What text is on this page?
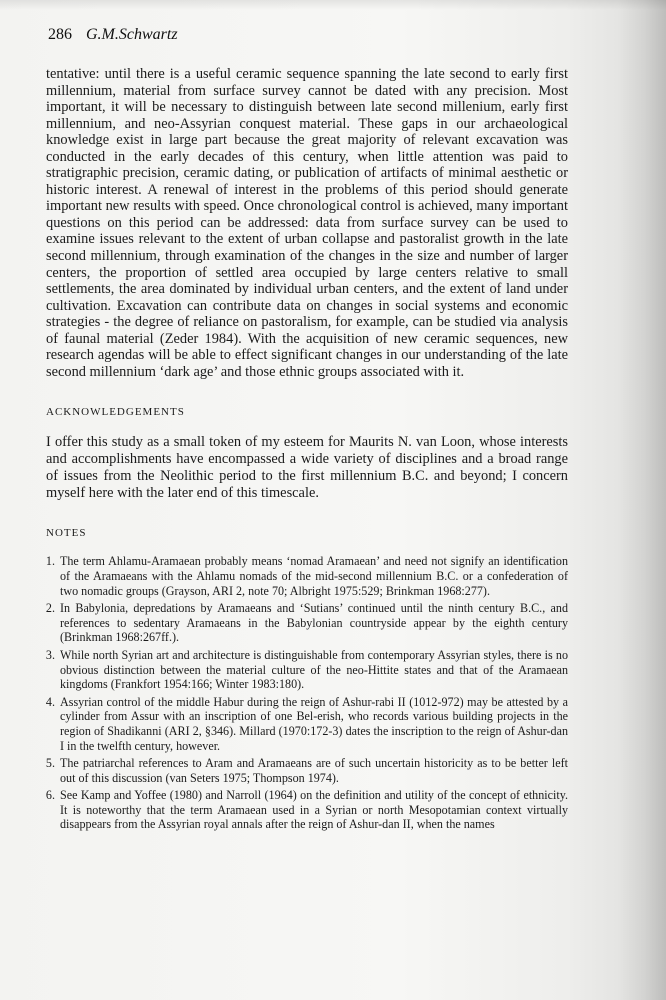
286 G.M.Schwartz

tentative: until there is a useful ceramic sequence spanning the late second to early first millennium, material from surface survey cannot be dated with any precision. Most important, it will be necessary to distinguish between late second millenium, early first millennium, and neo-Assyrian conquest material. These gaps in our archaeological knowledge exist in large part because the great majority of relevant excavation was conducted in the early decades of this century, when little attention was paid to stratigraphic precision, ceramic dating, or publication of artifacts of minimal aesthetic or historic interest. A renewal of interest in the problems of this period should generate important new results with speed. Once chronological control is achieved, many important questions on this period can be addressed: data from surface survey can be used to examine issues relevant to the extent of urban collapse and pastoralist growth in the late second millennium, through examination of the changes in the size and number of larger centers, the proportion of settled area occupied by large centers relative to small settlements, the area dominated by individual urban centers, and the extent of land under cultivation. Excavation can contribute data on changes in social systems and economic strategies - the degree of reliance on pastoralism, for example, can be studied via analysis of faunal material (Zeder 1984). With the acquisition of new ceramic sequences, new research agendas will be able to effect significant changes in our understanding of the late second millennium ‘dark age’ and those ethnic groups associated with it.

ACKNOWLEDGEMENTS

I offer this study as a small token of my esteem for Maurits N. van Loon, whose interests and accomplishments have encompassed a wide variety of disciplines and a broad range of issues from the Neolithic period to the first millennium B.C. and beyond; I concern myself here with the later end of this timescale.

NOTES
1. The term Ahlamu-Aramaean probably means ‘nomad Aramaean’ and need not signify an identification of the Aramaeans with the Ahlamu nomads of the mid-second millennium B.C. or a confederation of two nomadic groups (Grayson, ARI 2, note 70; Albright 1975:529; Brinkman 1968:277).
2. In Babylonia, depredations by Aramaeans and ‘Sutians’ continued until the ninth century B.C., and references to sedentary Aramaeans in the Babylonian countryside appear by the eighth century (Brinkman 1968:267ff.).
3. While north Syrian art and architecture is distinguishable from contemporary Assyrian styles, there is no obvious distinction between the material culture of the neo-Hittite states and that of the Aramaean kingdoms (Frankfort 1954:166; Winter 1983:180).
4. Assyrian control of the middle Habur during the reign of Ashur-rabi II (1012-972) may be attested by a cylinder from Assur with an inscription of one Bel-erish, who records various building projects in the region of Shadikanni (ARI 2, §346). Millard (1970:172-3) dates the inscription to the reign of Ashur-dan I in the twelfth century, however.
5. The patriarchal references to Aram and Aramaeans are of such uncertain historicity as to be better left out of this discussion (van Seters 1975; Thompson 1974).
6. See Kamp and Yoffee (1980) and Narroll (1964) on the definition and utility of the concept of ethnicity. It is noteworthy that the term Aramaean used in a Syrian or north Mesopotamian context virtually disappears from the Assyrian royal annals after the reign of Ashur-dan II, when the names
